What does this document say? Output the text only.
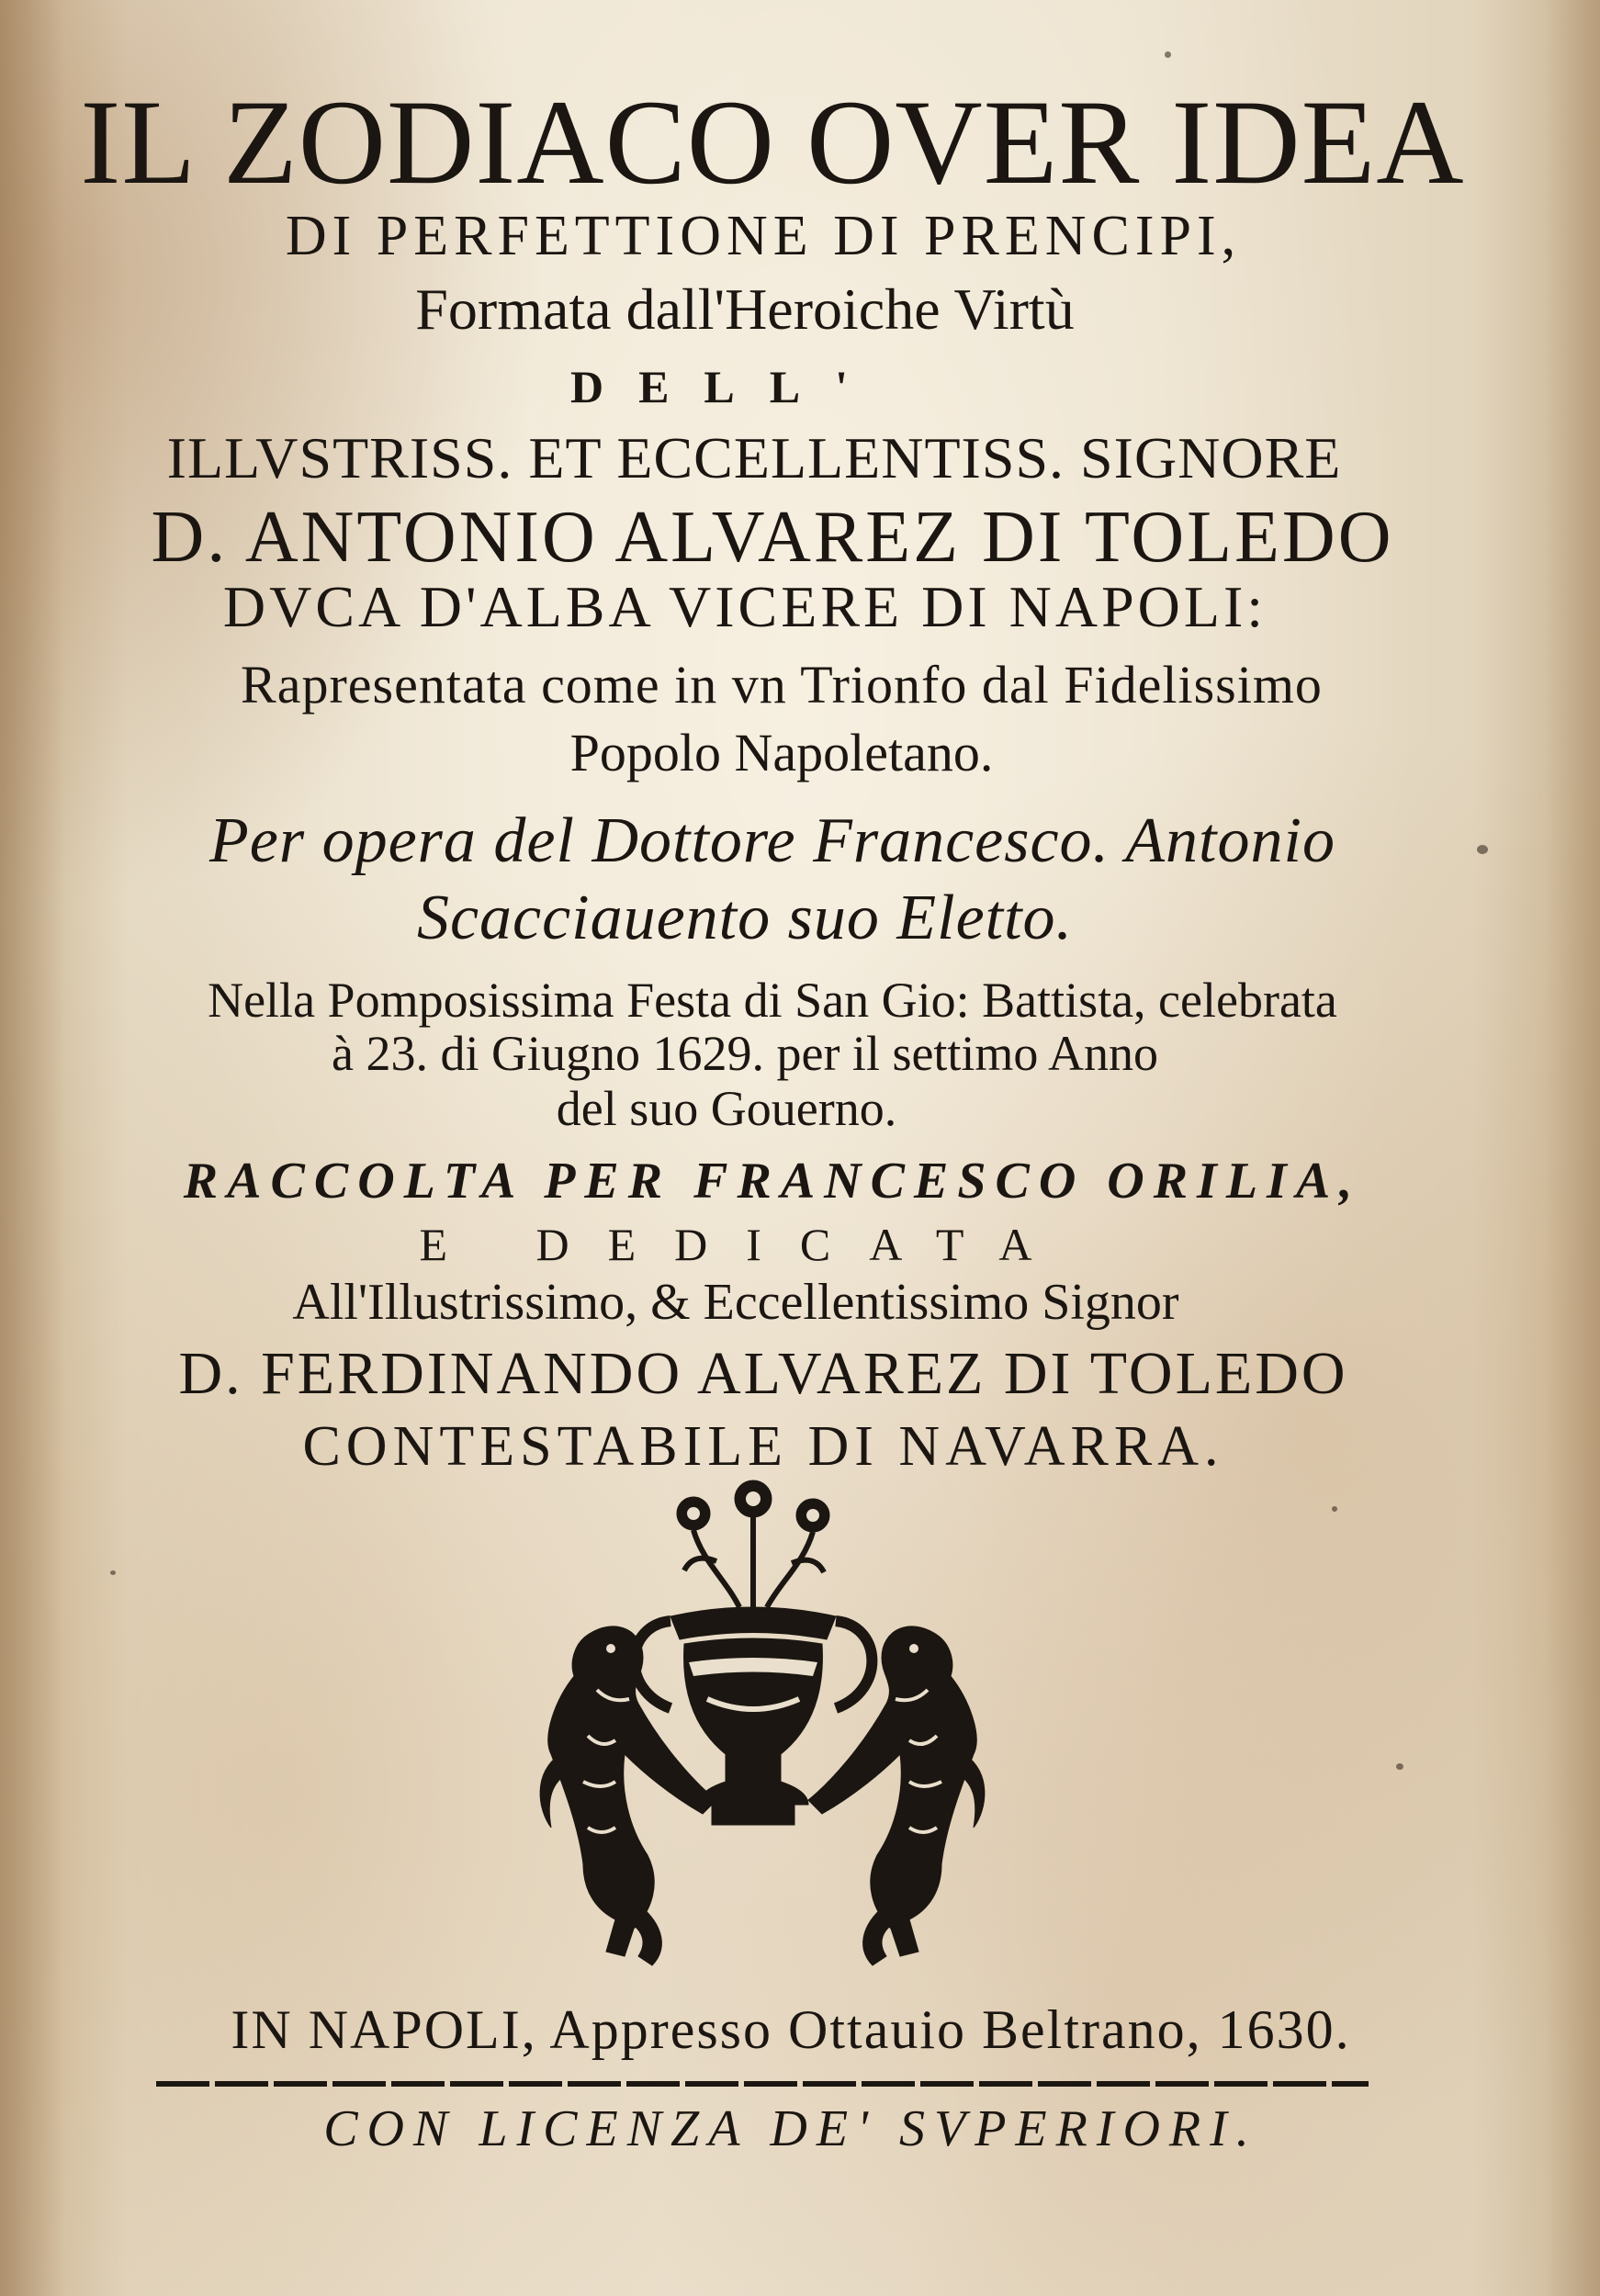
IL ZODIACO OVER IDEA
DI PERFETTIONE DI PRENCIPI,
Formata dall'Heroiche Virtù
DELL'
ILLVSTRISS. ET ECCELLENTISS. SIGNORE
D. ANTONIO ALVAREZ DI TOLEDO
DVCA D'ALBA VICERE DI NAPOLI:
Rapresentata come in vn Trionfo dal Fidelissimo
Popolo Napoletano.
Per opera del Dottore Francesco. Antonio
Scacciauento suo Eletto.
Nella Pomposissima Festa di San Gio: Battista, celebrata
à 23. di Giugno 1629. per il settimo Anno
del suo Gouerno.
RACCOLTA PER FRANCESCO ORILIA,
E DEDICATA
All'Illustrissimo, & Eccellentissimo Signor
D. FERDINANDO ALVAREZ DI TOLEDO
CONTESTABILE DI NAVARRA.
IN NAPOLI, Appresso Ottauio Beltrano, 1630.
CON LICENZA DE' SVPERIORI.
